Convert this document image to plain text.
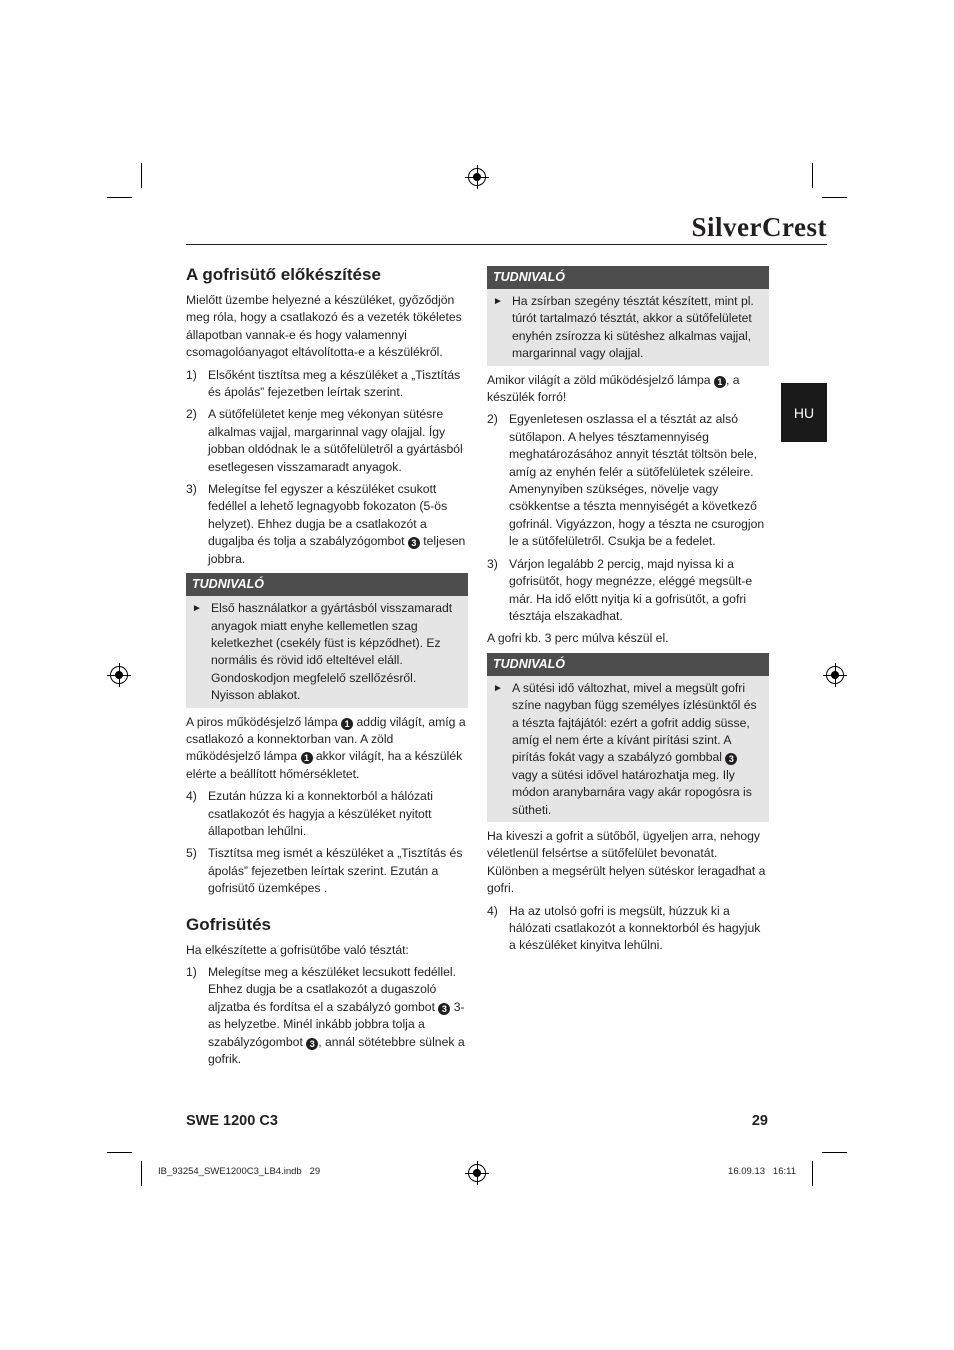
SilverCrest
HU
A gofrisütő előkészítése

Mielőtt üzembe helyezné a készüléket, győződjön meg róla, hogy a csatlakozó és a vezeték tökéletes állapotban vannak-e és hogy valamennyi csomagolóanyagot eltávolította-e a készülékről.

1) Elsőként tisztítsa meg a készüléket a „Tisztítás és ápolás” fejezetben leírtak szerint.
2) A sütőfelületet kenje meg vékonyan sütésre alkalmas vajjal, margarinnal vagy olajjal. Így jobban oldódnak le a sütőfelületről a gyártásból esetlegesen visszamaradt anyagok.
3) Melegítse fel egyszer a készüléket csukott fedéllel a lehető legnagyobb fokozaton (5-ös helyzet). Ehhez dugja be a csatlakozót a dugaljba és tolja a szabályzógombot 3 teljesen jobbra.
TUDNIVALÓ
► Első használatkor a gyártásból visszamaradt anyagok miatt enyhe kellemetlen szag keletkezhet (csekély füst is képződhet). Ez normális és rövid idő elteltével eláll. Gondoskodjon megfelelő szellőzésről. Nyisson ablakot.

A piros működésjelző lámpa 1 addig világít, amíg a csatlakozó a konnektorban van. A zöld működésjelző lámpa 1 akkor világít, ha a készülék elérte a beállított hőmérsékletet.

4) Ezután húzza ki a konnektorból a hálózati csatlakozót és hagyja a készüléket nyitott állapotban lehűlni.
5) Tisztítsa meg ismét a készüléket a „Tisztítás és ápolás” fejezetben leírtak szerint. Ezután a gofrisütő üzemképes .
Gofrisütés

Ha elkészítette a gofrisütőbe való tésztát:

1) Melegítse meg a készüléket lecsukott fedéllel. Ehhez dugja be a csatlakozót a dugaszoló aljzatba és fordítsa el a szabályzó gombot 3 3-as helyzetbe. Minél inkább jobbra tolja a szabályzógombot 3 , annál sötétebbre sülnek a gofrik.
TUDNIVALÓ
► Ha zsírban szegény tésztát készített, mint pl. túrót tartalmazó tésztát, akkor a sütőfelületet enyhén zsírozza ki sütéshez alkalmas vajjal, margarinnal vagy olajjal.

Amikor világít a zöld működésjelző lámpa 1 , a készülék forró!

2) Egyenletesen oszlassa el a tésztát az alsó sütőlapon. A helyes tésztamennyiség meghatározásához annyit tésztát töltsön bele, amíg az enyhén felér a sütőfelületek széleire. Amenynyiben szükséges, növelje vagy csökkentse a tészta mennyiségét a következő gofrinál. Vigyázzon, hogy a tészta ne csurogjon le a sütőfelületről. Csukja be a fedelet.
3) Várjon legalább 2 percig, majd nyissa ki a gofrisütőt, hogy megnézze, eléggé megsült-e már. Ha idő előtt nyitja ki a gofrisütőt, a gofri tésztája elszakadhat.

A gofri kb. 3 perc múlva készül el.

TUDNIVALÓ
► A sütési idő változhat, mivel a megsült gofri színe nagyban függ személyes ízlésünktől és a tészta fajtájától: ezért a gofrit addig süsse, amíg el nem érte a kívánt pirítási szint. A pirítás fokát vagy a szabályzó gombbal 3 vagy a sütési idővel határozhatja meg. Ily módon aranybarnára vagy akár ropogósra is sütheti.

Ha kiveszi a gofrit a sütőből, ügyeljen arra, nehogy véletlenül felsértse a sütőfelület bevonatát. Különben a megsérült helyen sütéskor leragadhat a gofri.

4) Ha az utolsó gofri is megsült, húzzuk ki a hálózati csatlakozót a konnektorból és hagyjuk a készüléket kinyitva lehűlni.
SWE 1200 C3	29
IB_93254_SWE1200C3_LB4.indb   29	16.09.13   16:11
